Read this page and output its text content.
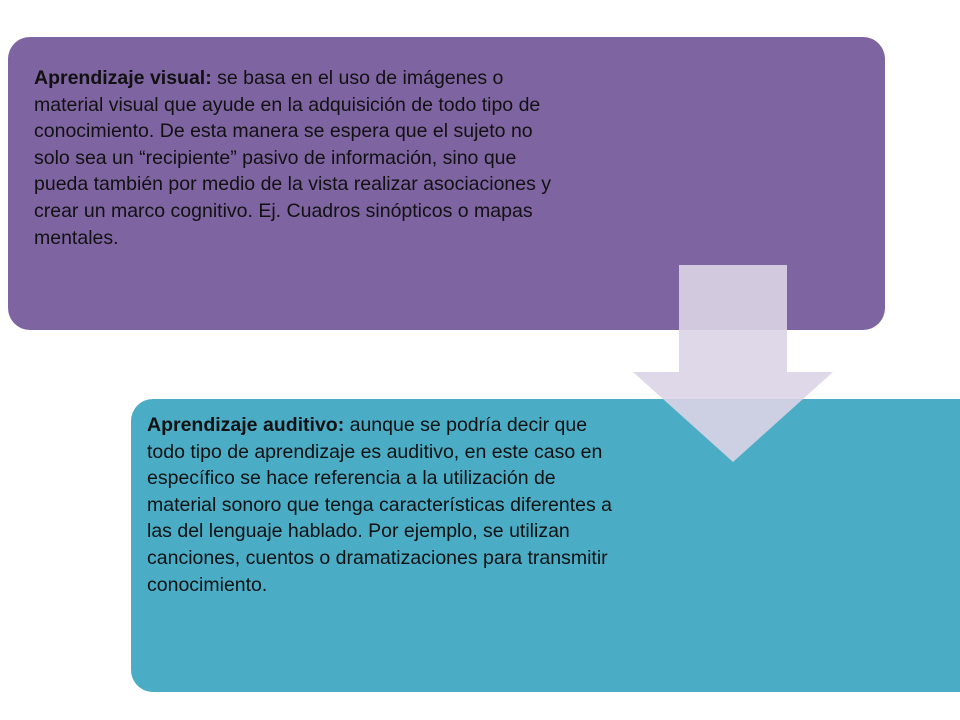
Aprendizaje visual: se basa en el uso de imágenes o material visual que ayude en la adquisición de todo tipo de conocimiento. De esta manera se espera que el sujeto no solo sea un “recipiente” pasivo de información, sino que pueda también por medio de la vista realizar asociaciones y crear un marco cognitivo. Ej. Cuadros sinópticos o mapas mentales.
Aprendizaje auditivo: aunque se podría decir que todo tipo de aprendizaje es auditivo, en este caso en específico se hace referencia a la utilización de material sonoro que tenga características diferentes a las del lenguaje hablado. Por ejemplo, se utilizan canciones, cuentos o dramatizaciones para transmitir conocimiento.
